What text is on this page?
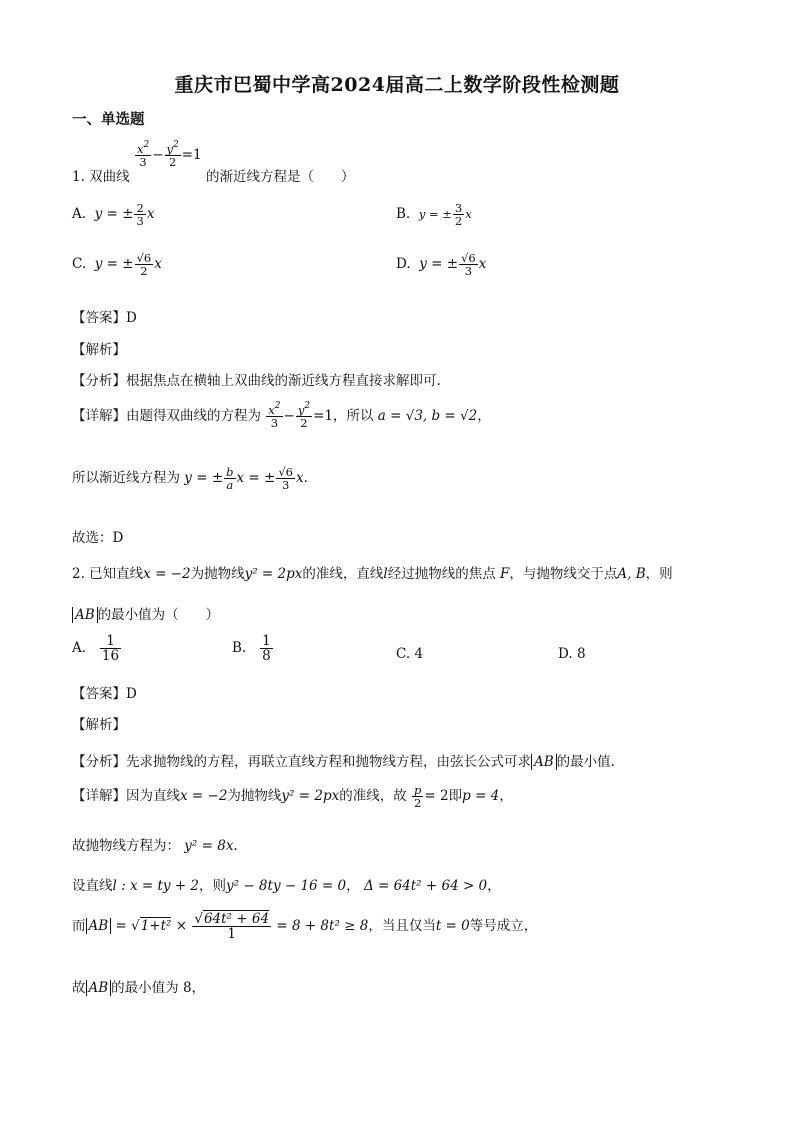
重庆市巴蜀中学高2024届高二上数学阶段性检测题
一、单选题
1. 双曲线
$\frac{x^2}{3} - \frac{y^2}{2} =1$ 的渐近线方程是（　　）
A. y = ± $\frac{2}{3}$ x	B. y = ± $\frac{3}{2}$ x
C. y = ± $\frac{√6}{2}$ x	D. y = ± $\frac{√6}{3}$ x
【答案】D
【解析】
【分析】根据焦点在横轴上双曲线的渐近线方程直接求解即可.
【详解】由题得双曲线的方程为 $\frac{x^2}{3} - \frac{y^2}{2} =1$，所以 a = √3, b = √2，
所以渐近线方程为 y = ± $\frac{b}{a}$ x = ± $\frac{√6}{3} x$.
故选：D
2. 已知直线x = −2为抛物线y² = 2px的准线，直线l经过抛物线的焦点 F，与抛物线交于点A, B，则
AB 的最小值为（　　）
A. $\frac{1}{16}$	B. $\frac{1}{8}$	C. 4	D. 8
【答案】D
【解析】
【分析】先求抛物线的方程，再联立直线方程和抛物线方程，由弦长公式可求 AB 的最小值.
【详解】因为直线x = −2为抛物线y² = 2px的准线，故 $\frac{p}{2} = 2$即p = 4，
故抛物线方程为： y² = 8x.
设直线l : x = ty + 2，则y² − 8ty − 16 = 0， Δ = 64t² + 64 > 0，
而 AB = $√1+t^2 \times \frac{\text{√64t² + 64}}{1} = 8 + 8t^2 \ge 8$，当且仅当t = 0等号成立，
故 AB 的最小值为 8，
